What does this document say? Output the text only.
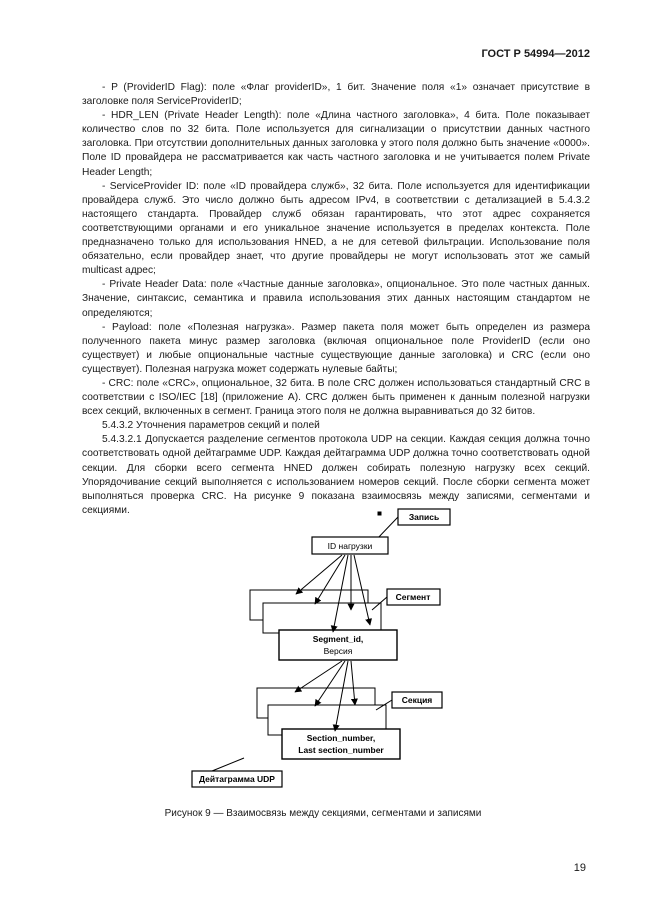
ГОСТ Р 54994—2012

- P (ProviderID Flag): поле «Флаг providerID», 1 бит. Значение поля «1» означает присутствие в заголовке поля ServiceProviderID;

- HDR_LEN (Private Header Length): поле «Длина частного заголовка», 4 бита. Поле показывает количество слов по 32 бита. Поле используется для сигнализации о присутствии данных частного заголовка. При отсутствии дополнительных данных заголовка у этого поля должно быть значение «0000». Поле ID провайдера не рассматривается как часть частного заголовка и не учитывается полем Private Header Length;

- ServiceProvider ID: поле «ID провайдера служб», 32 бита. Поле используется для идентификации провайдера служб. Это число должно быть адресом IPv4, в соответствии с детализацией в 5.4.3.2 настоящего стандарта. Провайдер служб обязан гарантировать, что этот адрес сохраняется соответствующими органами и его уникальное значение используется в пределах контекста. Поле предназначено только для использования HNED, а не для сетевой фильтрации. Использование поля обязательно, если провайдер знает, что другие провайдеры не могут использовать этот же самый multicast адрес;

- Private Header Data: поле «Частные данные заголовка», опциональное. Это поле частных данных. Значение, синтаксис, семантика и правила использования этих данных настоящим стандартом не определяются;

- Payload: поле «Полезная нагрузка». Размер пакета поля может быть определен из размера полученного пакета минус размер заголовка (включая опциональное поле ProviderID (если оно существует) и любые опциональные частные существующие данные заголовка) и CRC (если оно существует). Полезная нагрузка может содержать нулевые байты;

- CRC: поле «CRC», опциональное, 32 бита. В поле CRC должен использоваться стандартный CRC в соответствии с ISO/IEC [18] (приложение А). CRC должен быть применен к данным полезной нагрузки всех секций, включенных в сегмент. Граница этого поля не должна выравниваться до 32 битов.

5.4.3.2 Уточнения параметров секций и полей

5.4.3.2.1 Допускается разделение сегментов протокола UDP на секции. Каждая секция должна точно соответствовать одной дейтаграмме UDP. Каждая дейтаграмма UDP должна точно соответствовать одной секции. Для сборки всего сегмента HNED должен собирать полезную нагрузку всех секций. Упорядочивание секций выполняется с использованием номеров секций. После сборки сегмента может выполняться проверка CRC. На рисунке 9 показана взаимосвязь между записями, сегментами и секциями.

Запись
ID нагрузки
Сегмент
Segment_id,
Версия
Секция
Section_number,
Last section_number
Дейтаграмма UDP
Рисунок 9 — Взаимосвязь между секциями, сегментами и записями
19
